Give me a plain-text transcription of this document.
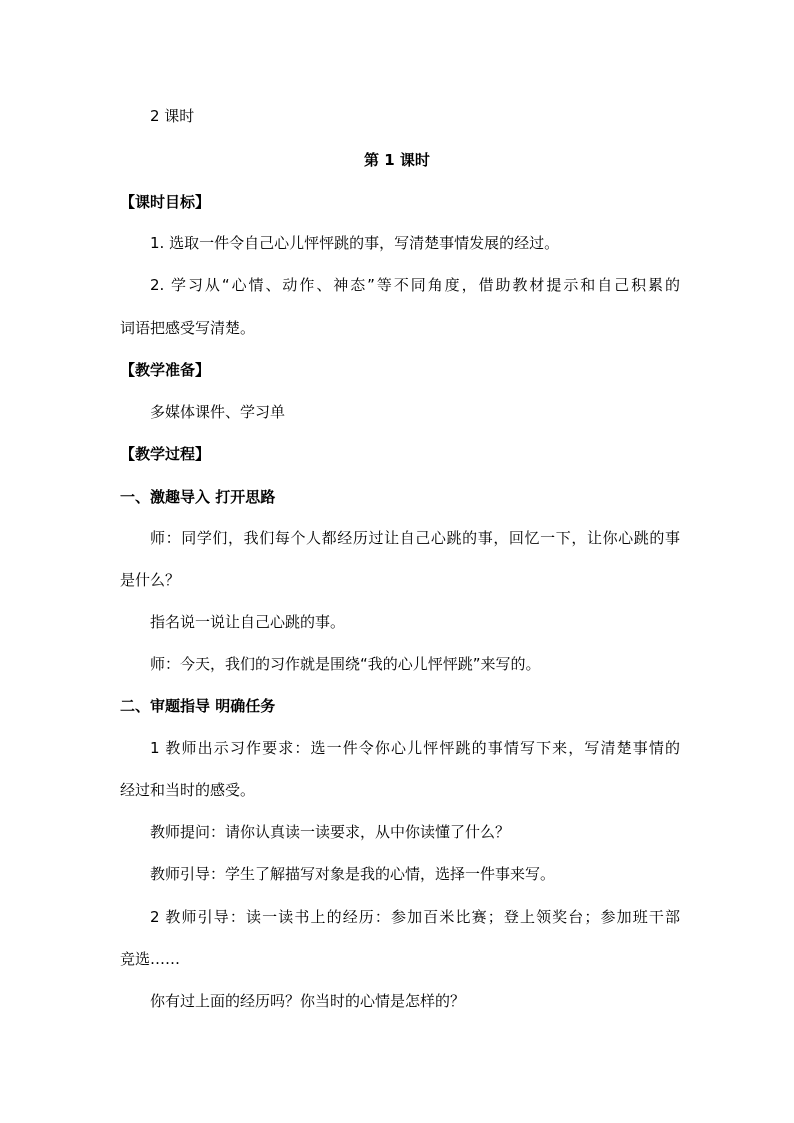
2 课时
第 1 课时
【课时目标】
1. 选取一件令自己心儿怦怦跳的事，写清楚事情发展的经过。
2. 学习从“心情、动作、神态”等不同角度，借助教材提示和自己积累的
词语把感受写清楚。
【教学准备】
多媒体课件、学习单
【教学过程】
一、激趣导入 打开思路
师：同学们，我们每个人都经历过让自己心跳的事，回忆一下，让你心跳的事
是什么？
指名说一说让自己心跳的事。
师：今天，我们的习作就是围绕“我的心儿怦怦跳”来写的。
二、审题指导 明确任务
1 教师出示习作要求：选一件令你心儿怦怦跳的事情写下来，写清楚事情的
经过和当时的感受。
教师提问：请你认真读一读要求，从中你读懂了什么？
教师引导：学生了解描写对象是我的心情，选择一件事来写。
2 教师引导：读一读书上的经历：参加百米比赛；登上领奖台；参加班干部
竞选……
你有过上面的经历吗？你当时的心情是怎样的？
